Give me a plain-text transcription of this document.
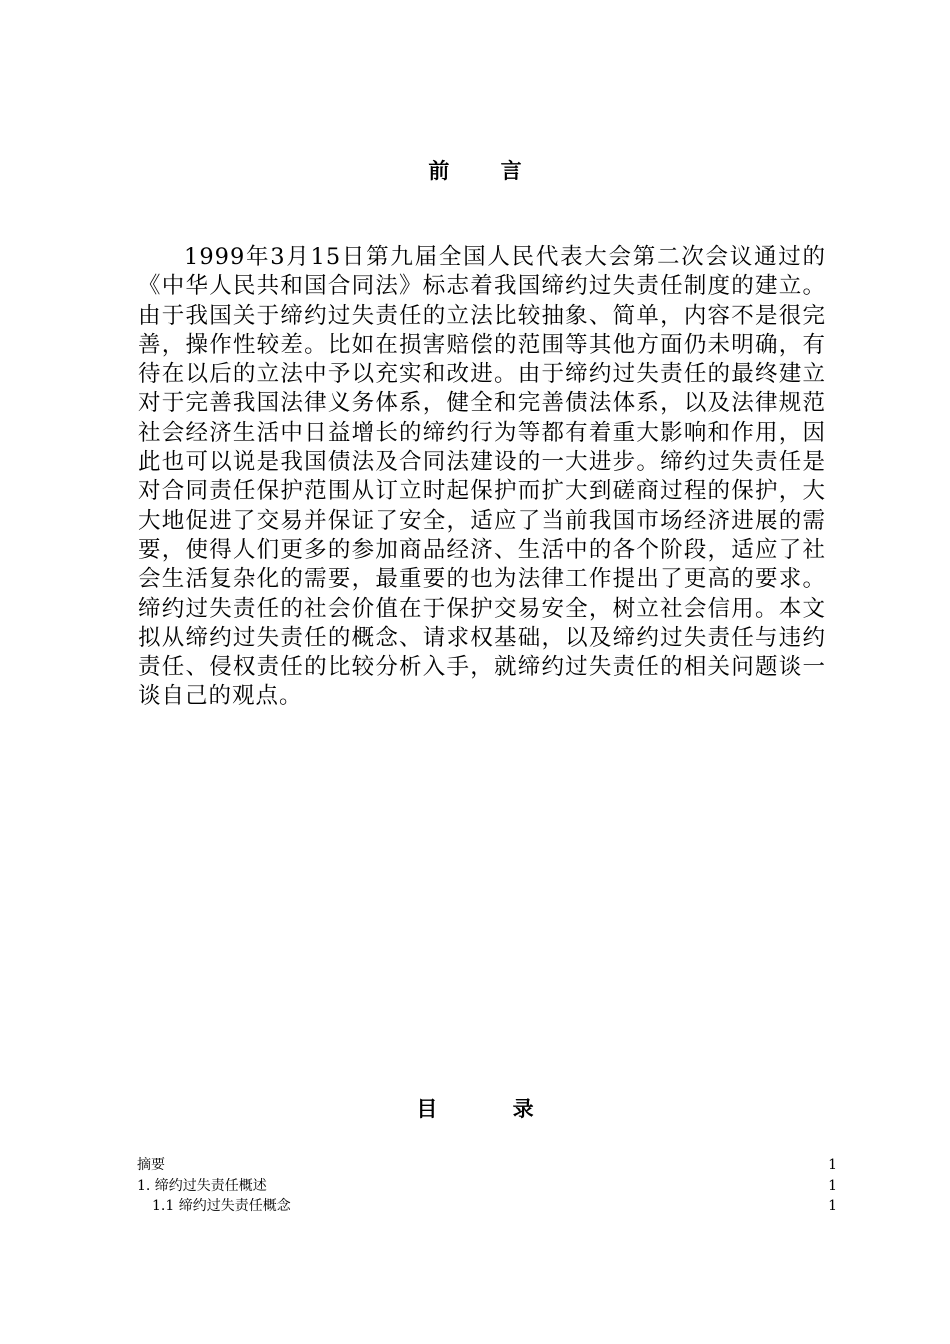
前 言

1999年3月15日第九届全国人民代表大会第二次会议通过的《中华人民共和国合同法》标志着我国缔约过失责任制度的建立。由于我国关于缔约过失责任的立法比较抽象、简单，内容不是很完善，操作性较差。比如在损害赔偿的范围等其他方面仍未明确，有待在以后的立法中予以充实和改进。由于缔约过失责任的最终建立对于完善我国法律义务体系，健全和完善债法体系，以及法律规范社会经济生活中日益增长的缔约行为等都有着重大影响和作用，因此也可以说是我国债法及合同法建设的一大进步。缔约过失责任是对合同责任保护范围从订立时起保护而扩大到磋商过程的保护，大大地促进了交易并保证了安全，适应了当前我国市场经济进展的需要，使得人们更多的参加商品经济、生活中的各个阶段，适应了社会生活复杂化的需要，最重要的也为法律工作提出了更高的要求。缔约过失责任的社会价值在于保护交易安全，树立社会信用。本文拟从缔约过失责任的概念、请求权基础，以及缔约过失责任与违约责任、侵权责任的比较分析入手，就缔约过失责任的相关问题谈一谈自己的观点。

目 录
摘要	1
1. 缔约过失责任概述	1
1.1 缔约过失责任概念	1
